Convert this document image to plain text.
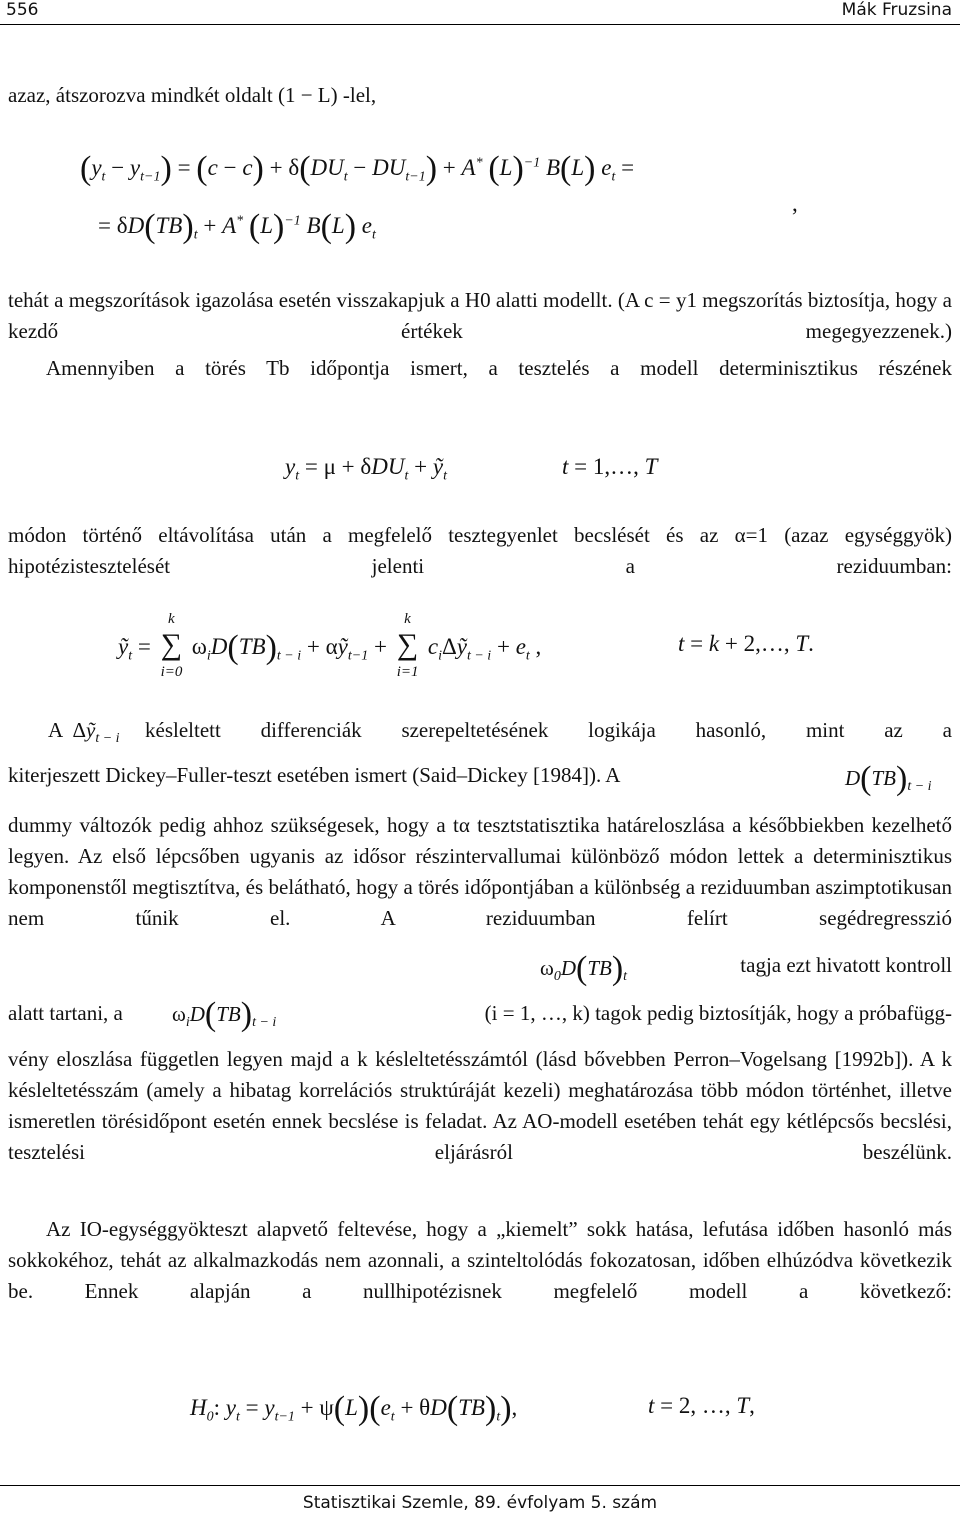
556	Mák Fruzsina

azaz, átszorozva mindkét oldalt (1 − L) -lel,

$(y_t - y_{t-1}) = (c - c) + \delta(DU_t - DU_{t-1}) + A^*$ $(L)^{-1}$ B(L) $e_t$ =
= $\delta D(TB)_t + A^*$ $(L)^{-1}$ B(L) $e_t$
,

tehát a megszorítások igazolása esetén visszakapjuk a H0 alatti modellt. (A c = y1 megszorítás biztosítja, hogy a kezdő értékek megegyezzenek.)

Amennyiben a törés Tb időpontja ismert, a tesztelés a modell determinisztikus részének

$y_t = \mu + \delta DU_t$ + ỹ$_t$	t = 1,…, T

módon történő eltávolítása után a megfelelő tesztegyenlet becslését és az α=1 (azaz egységgyök) hipotézistesztelését jelenti a reziduumban:

ỹ$_t$ = ∑
k
i=0
$\omega_iD(TB)_{t - i}$ + αỹ$_{t-1}$ + ∑
k
i=1
$c_i\Delta ỹ_{t - i} + e_t$ ,	t = k + 2,…, T.
A  Δỹ$_{t - i}$ késleltett differenciák szerepeltetésének logikája hasonló, mint az a

kiterjeszett Dickey–Fuller-teszt esetében ismert (Said–Dickey [1984]). A	$D(TB)_{t - i}$

dummy változók pedig ahhoz szükségesek, hogy a tα tesztstatisztika határeloszlása a későbbiekben kezelhető legyen. Az első lépcsőben ugyanis az idősor részintervallumai különböző módon lettek a determinisztikus komponenstől megtisztítva, és belátható, hogy a törés időpontjában a különbség a reziduumban aszimptotikusan nem tűnik el. A reziduumban felírt segédregresszió

$\omega_0D(TB)_t$	tagja ezt hivatott kontroll

alatt tartani, a	$\omega_iD(TB)_{t - i}$	(i = 1, …, k) tagok pedig biztosítják, hogy a próbafügg-

vény eloszlása független legyen majd a k késleltetésszámtól (lásd bővebben Perron–Vogelsang [1992b]). A k késleltetésszám (amely a hibatag korrelációs struktúráját kezeli) meghatározása több módon történhet, illetve ismeretlen törésidőpont esetén ennek becslése is feladat. Az AO-modell esetében tehát egy kétlépcsős becslési, tesztelési eljárásról beszélünk.

Az IO-egységgyökteszt alapvető feltevése, hogy a „kiemelt” sokk hatása, lefutása időben hasonló más sokkokéhoz, tehát az alkalmazkodás nem azonnali, a szinteltolódás fokozatosan, időben elhúzódva következik be. Ennek alapján a nullhipotézisnek megfelelő modell a következő:

$H_0$: $y_t = y_{t-1} + \psi(L)(e_t + \theta D(TB)_t)$,	t = 2, …, T,
Statisztikai Szemle, 89. évfolyam 5. szám
